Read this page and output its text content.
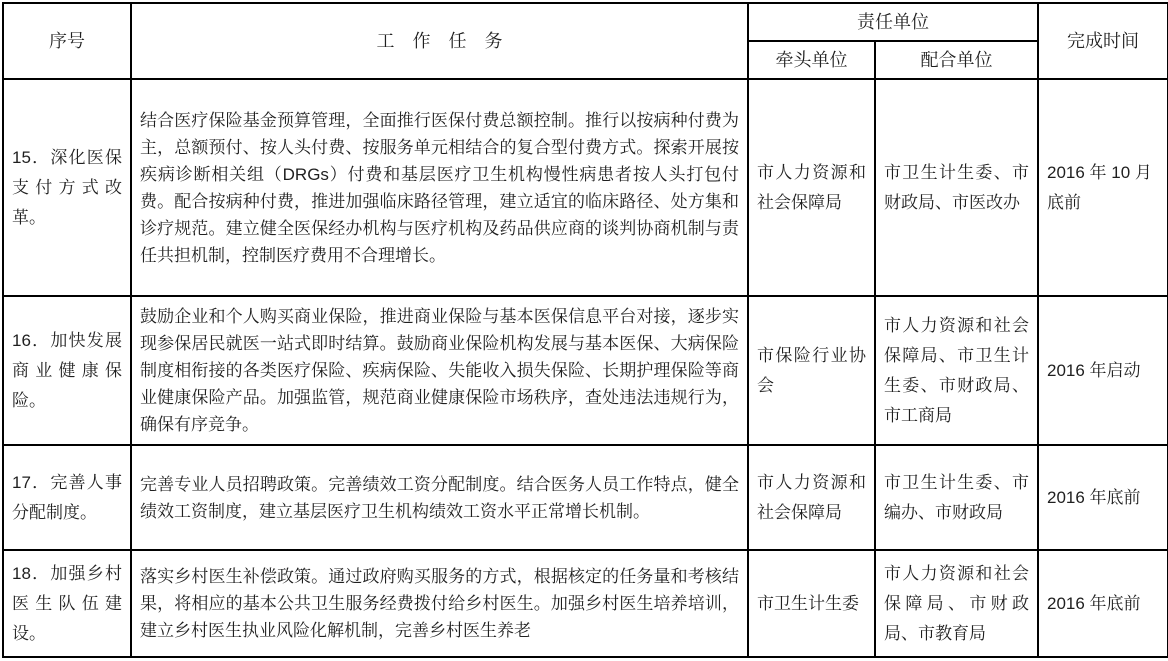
序号	工　作　任　务	责任单位		完成时间
		牵头单位	配合单位	
15．深化医保支付方式改革。	结合医疗保险基金预算管理，全面推行医保付费总额控制。推行以按病种付费为主，总额预付、按人头付费、按服务单元相结合的复合型付费方式。探索开展按疾病诊断相关组（DRGs）付费和基层医疗卫生机构慢性病患者按人头打包付费。配合按病种付费，推进加强临床路径管理，建立适宜的临床路径、处方集和诊疗规范。建立健全医保经办机构与医疗机构及药品供应商的谈判协商机制与责任共担机制，控制医疗费用不合理增长。	市人力资源和社会保障局	市卫生计生委、市财政局、市医改办	2016 年 10 月底前
16．加快发展商业健康保险。	鼓励企业和个人购买商业保险，推进商业保险与基本医保信息平台对接，逐步实现参保居民就医一站式即时结算。鼓励商业保险机构发展与基本医保、大病保险制度相衔接的各类医疗保险、疾病保险、失能收入损失保险、长期护理保险等商业健康保险产品。加强监管，规范商业健康保险市场秩序，查处违法违规行为，确保有序竞争。	市保险行业协会	市人力资源和社会保障局、市卫生计生委、市财政局、市工商局	2016 年启动
17．完善人事分配制度。	完善专业人员招聘政策。完善绩效工资分配制度。结合医务人员工作特点，健全绩效工资制度，建立基层医疗卫生机构绩效工资水平正常增长机制。	市人力资源和社会保障局	市卫生计生委、市编办、市财政局	2016 年底前
18．加强乡村医生队伍建设。	落实乡村医生补偿政策。通过政府购买服务的方式，根据核定的任务量和考核结果，将相应的基本公共卫生服务经费拨付给乡村医生。加强乡村医生培养培训，建立乡村医生执业风险化解机制，完善乡村医生养老	市卫生计生委	市人力资源和社会保障局、市财政局、市教育局	2016 年底前
